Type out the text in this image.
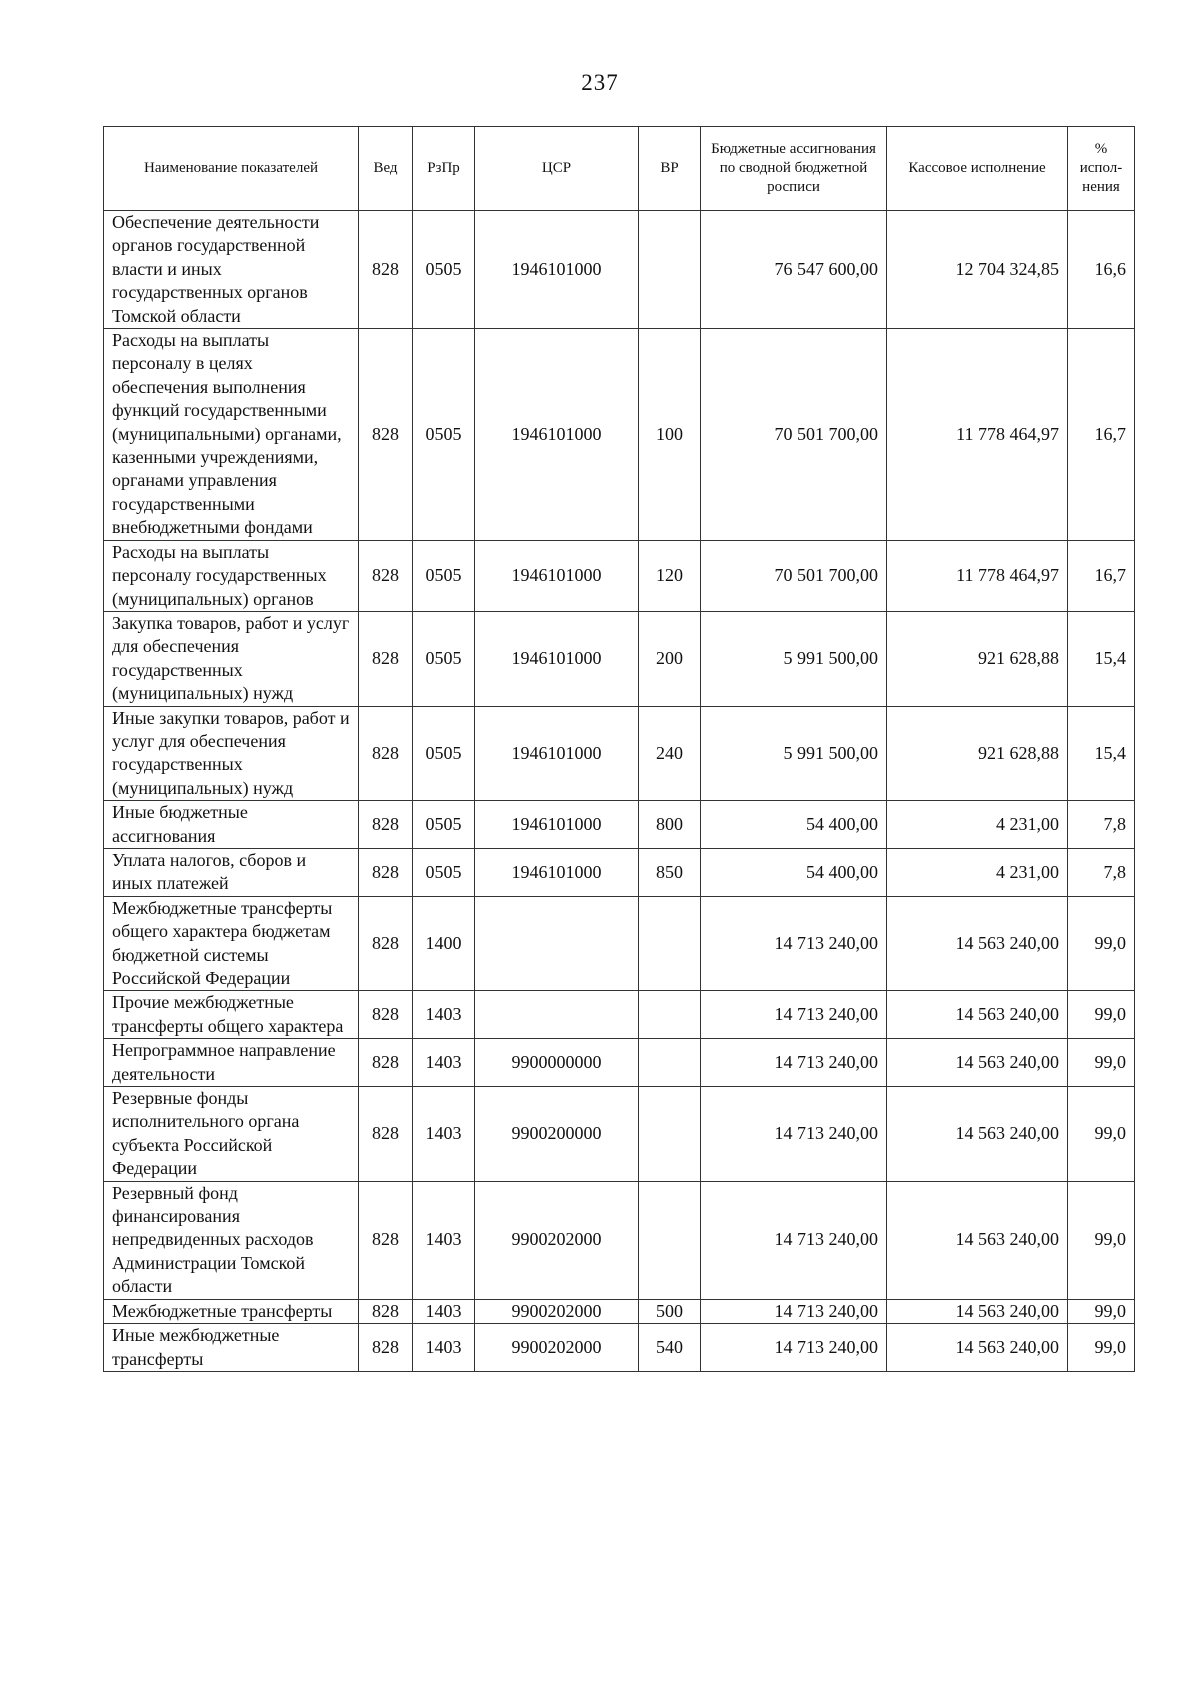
237
Наименование показателей	Вед	РзПр	ЦСР	ВР	Бюджетные ассигнования по сводной бюджетной росписи	Кассовое исполнение	%
испол-
нения
Обеспечение деятельности органов государственной власти и иных государственных органов Томской области	828	0505	1946101000		76 547 600,00	12 704 324,85	16,6
Расходы на выплаты персоналу в целях обеспечения выполнения функций государственными (муниципальными) органами, казенными учреждениями, органами управления государственными внебюджетными фондами	828	0505	1946101000	100	70 501 700,00	11 778 464,97	16,7
Расходы на выплаты персоналу государственных (муниципальных) органов	828	0505	1946101000	120	70 501 700,00	11 778 464,97	16,7
Закупка товаров, работ и услуг для обеспечения государственных (муниципальных) нужд	828	0505	1946101000	200	5 991 500,00	921 628,88	15,4
Иные закупки товаров, работ и услуг для обеспечения государственных (муниципальных) нужд	828	0505	1946101000	240	5 991 500,00	921 628,88	15,4
Иные бюджетные ассигнования	828	0505	1946101000	800	54 400,00	4 231,00	7,8
Уплата налогов, сборов и иных платежей	828	0505	1946101000	850	54 400,00	4 231,00	7,8
Межбюджетные трансферты общего характера бюджетам бюджетной системы Российской Федерации	828	1400			14 713 240,00	14 563 240,00	99,0
Прочие межбюджетные трансферты общего характера	828	1403			14 713 240,00	14 563 240,00	99,0
Непрограммное направление деятельности	828	1403	9900000000		14 713 240,00	14 563 240,00	99,0
Резервные фонды исполнительного органа субъекта Российской Федерации	828	1403	9900200000		14 713 240,00	14 563 240,00	99,0
Резервный фонд финансирования непредвиденных расходов Администрации Томской области	828	1403	9900202000		14 713 240,00	14 563 240,00	99,0
Межбюджетные трансферты	828	1403	9900202000	500	14 713 240,00	14 563 240,00	99,0
Иные межбюджетные трансферты	828	1403	9900202000	540	14 713 240,00	14 563 240,00	99,0
